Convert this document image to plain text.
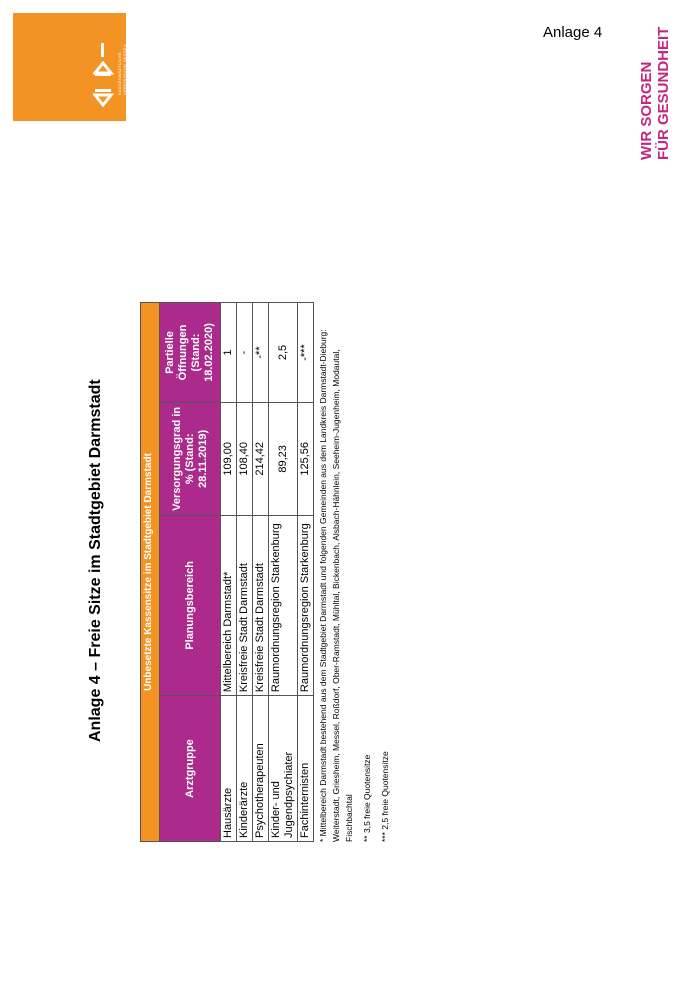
KASSENÄRZTLICHE VEREINIGUNG HESSEN
Anlage 4
WIR SORGEN FÜR GESUNDHEIT
Unbesetzte Kassensitze im Stadtgebiet Darmstadt			
Arztgruppe	Planungsbereich	Versorgungsgrad in % (Stand: 28.11.2019)	Partielle Öffnungen (Stand: 18.02.2020)
Hausärzte	Mittelbereich Darmstadt*	109,00	1
Kinderärzte	Kreisfreie Stadt Darmstadt	108,40	-
Psychotherapeuten	Kreisfreie Stadt Darmstadt	214,42	-**
Kinder- und Jugendpsychiater	Raumordnungsregion Starkenburg	89,23	2,5
Fachinternisten	Raumordnungsregion Starkenburg	125,56	-*** * Mittelbereich Darmstadt bestehend aus dem Stadtgebiet Darmstadt und folgenden Gemeinden aus dem Landkreis Darmstadt-Dieburg: Weiterstadt, Griesheim, Messel, Roßdorf, Ober-Ramstadt, Mühltal, Bickenbach, Alsbach-Hähnlein, Seeheim-Jugenheim, Modautal, Fischbachtal ** 3,5 freie Quotensitze *** 2,5 freie Quotensitze

Anlage 4 – Freie Sitze im Stadtgebiet Darmstadt
